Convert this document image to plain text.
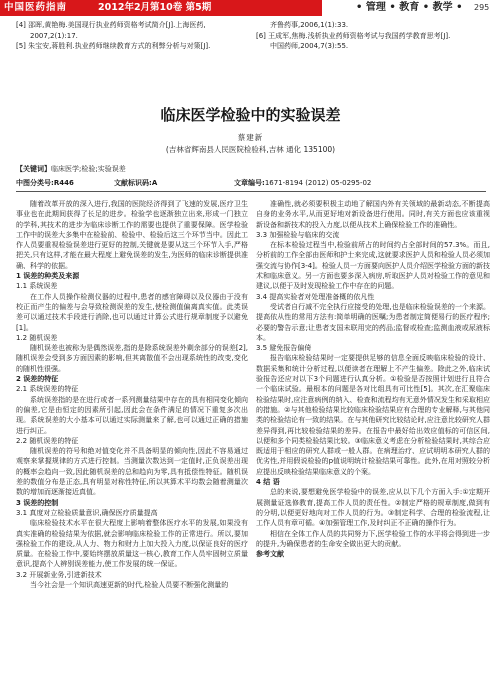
中国医药指南	2012年2月第10卷 第5期	• 管理 • 教育 • 教学 • 295
[4] 邵晖,黄艳梅.美国现行执业药师资格考试简介[J].上海医药,
2007,2(1):17.
[5] 朱宝安,蒋胜利.执业药师继续教育方式的利弊分析与对策[J].
齐鲁药事,2006,1(1):33.
[6] 王成军,焦梅.浅析执业药师资格考试与我国药学教育思考[J].
中国药师,2004,7(3):55.
临床医学检验中的实验误差
蔡建新
(吉林省辉南县人民医院检验科,吉林 通化 135100)
【关键词】临床医学;检验;实验误差
中图分类号:R446	文献标识码:A	文章编号: 1671-8194 (2012) 05-0295-02

随着改革开放的深入进行,我国的医院经济得到了飞速的发展,医疗卫生事业也在此期间获得了长足的进步。检验学也逐渐独立出来,形成一门独立的学科,其技术的进步为临床诊断工作的需要也提供了重要保障。医学检验工作中的误差大多集中在检验前、检验中、检验后这三个环节当中。因此工作人员要重视检验误差进行更好的控制,关键就是要从这三个环节入手,严格把关,只有这样,才能在最大程度上避免误差的发生,为医师的临床诊断提供准确、科学的依据。

1 误差的种类及来源

1.1 系统误差

在工作人员操作检测仪器的过程中,患者的感官障碍以及仪器由于没有校正而产生的偏差与会导致检测误差的发生,使检测值偏离真实值。此类误差可以通过技术手段进行消除,也可以通过计算公式进行规章制度予以避免[1]。

1.2 随机误差

随机误差也被称为是偶然误差,指的是除系统误差外剩余部分的误差[2],随机误差会受到多方面因素的影响,但其离散值不会出现系统性的改变,变化的随机性很强。

2 误差的特征

2.1 系统误差的特征

系统误差指的是在进行或者一系列测量结果中存在的具有相同变化倾向的偏差,它是由恒定的因素所引起,因此会在条件满足的情况下重复多次出现。系统误差的大小基本可以通过实际测量来了解,也可以通过正确的措施进行纠正。

2.2 随机误差的特征

随机误差的符号和绝对值变化并不具备明显的倾向性,因此不容易通过观察来掌握规律的方式进行控制。当测量次数达到一定值时,正负误差出现的概率会趋向一致,因此随机误差的总和趋向为零,具有抵偿性特征。随机误差的数值分布是正态,具有明显对称性特征,所以其算术平均数会随着测量次数的增加而逐渐接近真值。

3 误差的控制

3.1 真度对立检验质量意识,确保医疗质量提高

临床检验技术水平在很大程度上影响着整体医疗水平的发展,如果没有真实准确的检验结果为依据,就会影响临床检验工作的正常进行。所以,要加强检验工作的建设,从人力、物力和财力上加大投入力度,以保证良好的医疗质量。在检验工作中,要始终摆放质量这一核心,教育工作人员牢固树立质量意识,提高个人辨别误差能力,使工作发展的统一保证。

3.2 开展新业务,引进新技术

当今社会是一个知识高速更新的时代,检验人员要不断强化测量的

准确性,就必须要积极主动地了解国内外有关领域的最新动态,不断提高自身的业务水平,从而更好地对新设备进行使用。同时,有关方面也应该重视新设备和新技术的投入力度,以便从技术上确保检验工作的准确性。

3.3 加强检验与临床的交流

在标本检验过程当中,检验前所占的时间约占全部时间的57.3%。而且,分析前的工作全部由医师和护士来完成,这就要求医护人员和检验人员必须加强交流与协作[3-4]。检验人员一方面要向医护人员介绍医学检验方面的新技术和临床意义。另一方面也要多深入病房,听取医护人员对检验工作的意见和建议,以便于及时发现检验工作中存在的问题。

3.4 提高实验者对处理准备概的依凡性

受试者自行减不完全执行应接受的处理,也是临床检验误差的一个来源。提高依从性的常用方法有:简单明确的医嘱;为患者制定简便易行的医疗程序;必要的警告示意;让患者支国未联用完的药品;监督或检查;监测血液或尿液标本。

3.5 避免报告偏倚

报告临床检验结果时一定要提供足够的信息全面反映临床检验的设计、数据采集和统计分析过程,以便读者在理解上不产生偏差。除此之外,临床试验报告还应对以下3个问题进行认真分析。①检验是否按照计划进行且符合一个临床试验。最根本的问题是各对比组具有可比性[5]。其次,在汇聚临床检验结果时,应注意病例的纳入、检查和流程均有无意外情况发生和采取相应的措施。②与其他检验结果比较临床检验结果应有合理的专业解释,与其他同类的检验结论有一致的结果。在与其他研究比较结论时,应注意比较研究人群差异得到,再比较检验结果的差异。在报告中最好给出效应值标的可信区间,以便和多个同类检验结果比较。③临床意义考虑在分析检验结果时,其综合应既适用于相应的研究人群或一般人群。在病理治疗、应试明明本研究人群的优劣性,并用假说检验的p值说明统计检验结果可靠性。此外,在用对照较分析应提出反映检验结果临床意义的个案。

4 结 语

总的来说,要想避免医学检验中的误差,应从以下几个方面入手:①定期开展测量证选修教育,提高工作人员的责任性。②制定严格的规章制度,做到有的分明,以便更好地向对工作人员的行为。③制定科学、合理的检验流程,让工作人员有章可循。④加强管理工作,及时纠正不正确的操作行为。

相信在全体工作人员的共同努力下,医学检验工作的水平将会得到进一步的提升,为确保患者的生命安全做出更大的贡献。

参考文献
